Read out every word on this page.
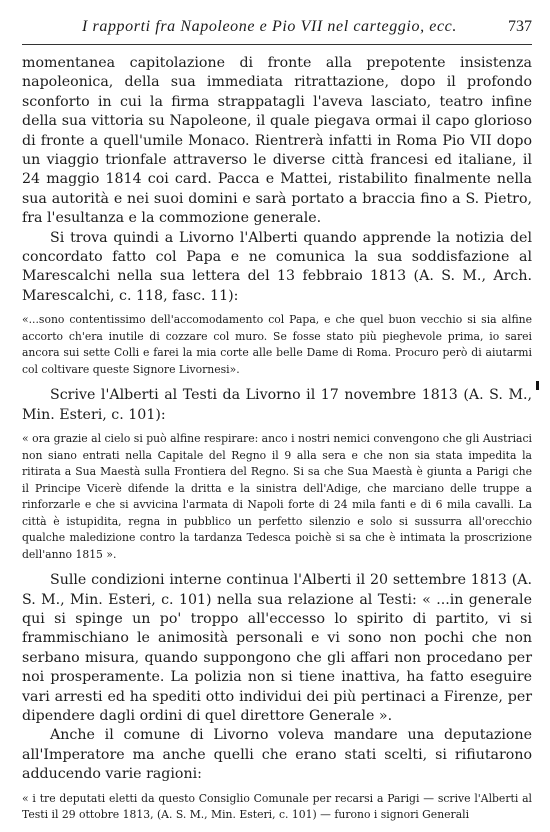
I rapporti fra Napoleone e Pio VII nel carteggio, ecc.	737
momentanea capitolazione di fronte alla prepotente insistenza napoleonica, della sua immediata ritrattazione, dopo il profondo sconforto in cui la firma strappatagli l'aveva lasciato, teatro infine della sua vittoria su Napoleone, il quale piegava ormai il capo glorioso di fronte a quell'umile Monaco. Rientrerà infatti in Roma Pio VII dopo un viaggio trionfale attraverso le diverse città francesi ed italiane, il 24 maggio 1814 coi card. Pacca e Mattei, ristabilito finalmente nella sua autorità e nei suoi domini e sarà portato a braccia fino a S. Pietro, fra l'esultanza e la commozione generale.
Si trova quindi a Livorno l'Alberti quando apprende la notizia del concordato fatto col Papa e ne comunica la sua soddisfazione al Marescalchi nella sua lettera del 13 febbraio 1813 (A. S. M., Arch. Marescalchi, c. 118, fasc. 11):
«...sono contentissimo dell'accomodamento col Papa, e che quel buon vecchio si sia alfine accorto ch'era inutile di cozzare col muro. Se fosse stato più pieghevole prima, io sarei ancora sui sette Colli e farei la mia corte alle belle Dame di Roma. Procuro però di aiutarmi col coltivare queste Signore Livornesi».
Scrive l'Alberti al Testi da Livorno il 17 novembre 1813 (A. S. M., Min. Esteri, c. 101):
« ora grazie al cielo si può alfine respirare: anco i nostri nemici convengono che gli Austriaci non siano entrati nella Capitale del Regno il 9 alla sera e che non sia stata impedita la ritirata a Sua Maestà sulla Frontiera del Regno. Si sa che Sua Maestà è giunta a Parigi che il Principe Vicerè difende la dritta e la sinistra dell'Adige, che marciano delle truppe a rinforzarle e che si avvicina l'armata di Napoli forte di 24 mila fanti e di 6 mila cavalli. La città è istupidita, regna in pubblico un perfetto silenzio e solo si sussurra all'orecchio qualche maledizione contro la tardanza Tedesca poichè si sa che è intimata la proscrizione dell'anno 1815 ».
Sulle condizioni interne continua l'Alberti il 20 settembre 1813 (A. S. M., Min. Esteri, c. 101) nella sua relazione al Testi: « ...in generale qui si spinge un po' troppo all'eccesso lo spirito di partito, vi si frammischiano le animosità personali e vi sono non pochi che non serbano misura, quando suppongono che gli affari non procedano per noi prosperamente. La polizia non si tiene inattiva, ha fatto eseguire vari arresti ed ha spediti otto individui dei più pertinaci a Firenze, per dipendere dagli ordini di quel direttore Generale ».
Anche il comune di Livorno voleva mandare una deputazione all'Imperatore ma anche quelli che erano stati scelti, si rifiutarono adducendo varie ragioni:
« i tre deputati eletti da questo Consiglio Comunale per recarsi a Parigi — scrive l'Alberti al Testi il 29 ottobre 1813, (A. S. M., Min. Esteri, c. 101) — furono i signori Generali
